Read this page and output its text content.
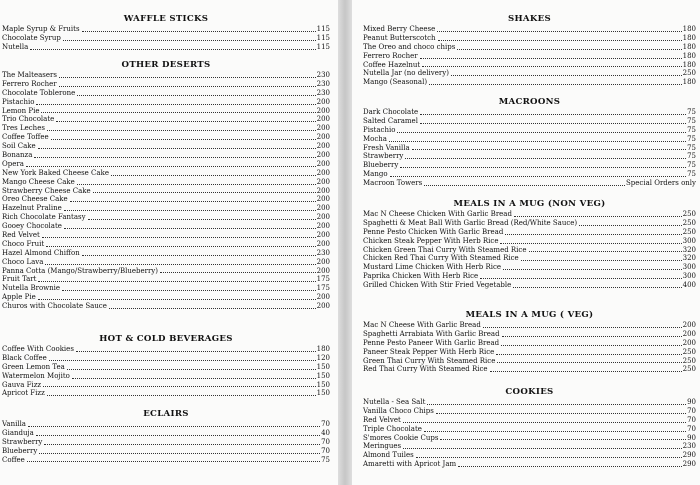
WAFFLE STICKS
Maple Syrup & Fruits	115
Chocolate Syrup	115
Nutella	115
OTHER DESERTS
The Malteasers	230
Ferrero Rocher	230
Chocolate Toblerone	230
Pistachio	200
Lemon Pie	200
Trio Chocolate	200
Tres Leches	200
Coffee Toffee	200
Soil Cake	200
Bonanza	200
Opera	200
New York Baked Cheese Cake	200
Mango Cheese Cake	200
Strawberry Cheese Cake	200
Oreo Cheese Cake	200
Hazelnut Praline	200
Rich Chocolate Fantasy	200
Gooey Chocolate	200
Red Velvet	200
Choco Fruit	200
Hazel Almond Chiffon	230
Choco Lava	200
Panna Cotta (Mango/Strawberry/Blueberry)	200
Fruit Tart	175
Nutella Brownie	175
Apple Pie	200
Churos with Chocolate Sauce	200
HOT & COLD BEVERAGES
Coffee With Cookies	180
Black Coffee	120
Green Lemon Tea	150
Watermelon Mojito	150
Gauva Fizz	150
Apricot Fizz	150
ECLAIRS
Vanilla	70
Gianduja	40
Strawberry	70
Blueberry	70
Coffee	75
SHAKES
Mixed Berry Cheese	180
Peanut Butterscotch	180
The Oreo and choco chips	180
Ferrero Rocher	180
Coffee Hazelnut	180
Nutella Jar (no delivery)	250
Mango (Seasonal)	180
MACROONS
Dark Chocolate	75
Salted Caramel	75
Pistachio	75
Mocha	75
Fresh Vanilla	75
Strawberry	75
Blueberry	75
Mango	75
Macroon Towers	Special Orders only
MEALS IN A MUG (NON VEG)
Mac N Cheese Chicken With Garlic Bread	250
Spaghetti & Meat Ball With Garlic Bread (Red/White Sauce)	250
Penne Pesto Chicken With Garlic Bread	250
Chicken Steak Pepper With Herb Rice	300
Chicken Green Thai Curry With Steamed Rice	320
Chicken Red Thai Curry With Steamed Rice	320
Mustard Lime Chicken With Herb Rice	300
Paprika Chicken With Herb Rice	300
Grilled Chicken With Stir Fried Vegetable	400
MEALS IN A MUG ( VEG)
Mac N Cheese With Garlic Bread	200
Spaghetti Arrabiata With Garlic Bread	200
Penne Pesto Paneer With Garlic Bread	200
Paneer Steak Pepper With Herb Rice	250
Green Thai Curry With Steamed Rice	250
Red Thai Curry With Steamed Rice	250
COOKIES
Nutella - Sea Salt	90
Vanilla Choco Chips	70
Red Velvet	70
Triple Chocolate	70
S'mores Cookie Cups	90
Meringues	230
Almond Tuiles	290
Amaretti with Apricot Jam	290
